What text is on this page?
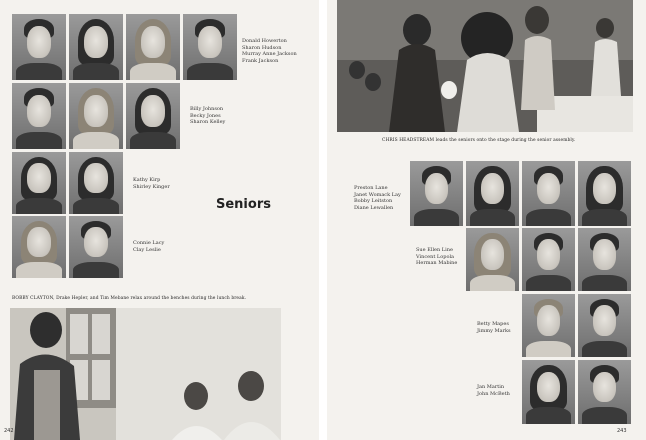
Donald Howerton
Sharon Hudson
Murray Anne Jackson
Frank Jackson
Billy Johnson
Becky Jones
Sharon Kelley
Kathy Kirp
Shirley Kinger
Seniors
Connie Lacy
Clay Leslie
BOBBY CLAYTON, Drake Hepler, and Tim Mebane relax around the benches during the lunch break.
242
CHRIS HEADSTREAM leads the seniors onto the stage during the senior assembly.
Preston Lane
Janet Womack Lay
Bobby Leitston
Diane Lewallen
Sue Ellen Line
Vincent Lopola
Herman Mabine
Betty Mapes
Jimmy Marks
Jan Martin
John McBeth
243
